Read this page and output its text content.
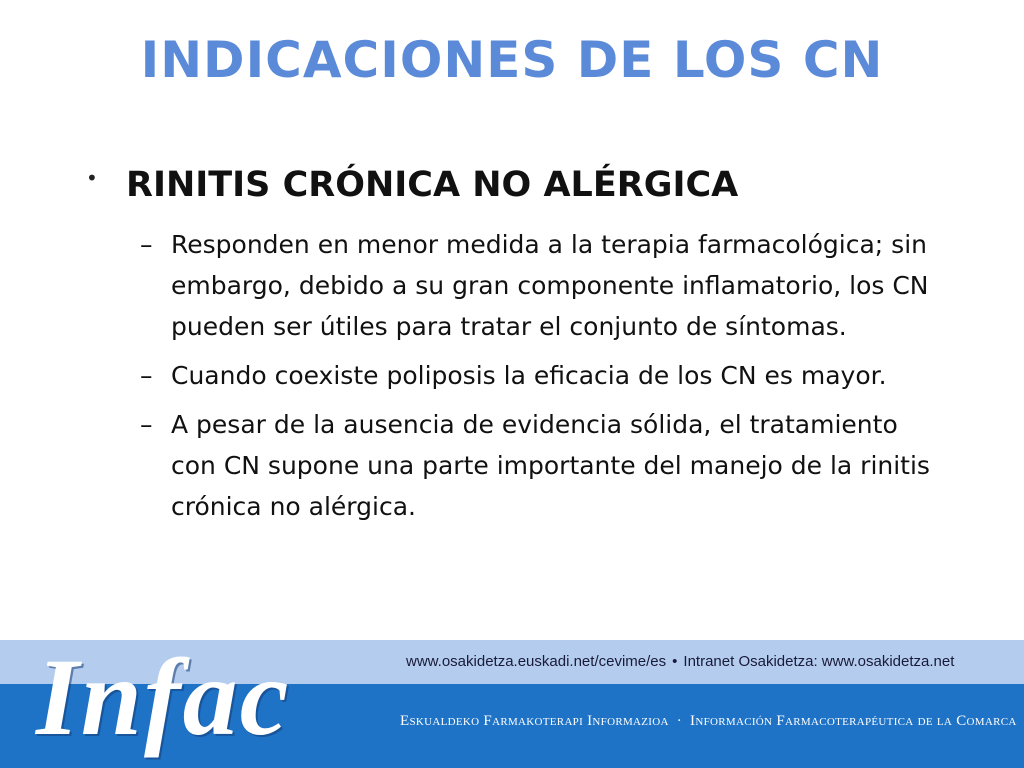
INDICACIONES DE LOS CN
• RINITIS CRÓNICA NO ALÉRGICA
– Responden en menor medida a la terapia farmacológica; sin embargo, debido a su gran componente inflamatorio, los CN pueden ser útiles para tratar el conjunto de síntomas.
– Cuando coexiste poliposis la eficacia de los CN es mayor.
– A pesar de la ausencia de evidencia sólida, el tratamiento con CN supone una parte importante del manejo de la rinitis crónica no alérgica.
Infac	www.osakidetza.euskadi.net/cevime/es • Intranet Osakidetza: www.osakidetza.net
Eskualdeko Farmakoterapi Informazioa · Información Farmacoterapéutica de la Comarca
